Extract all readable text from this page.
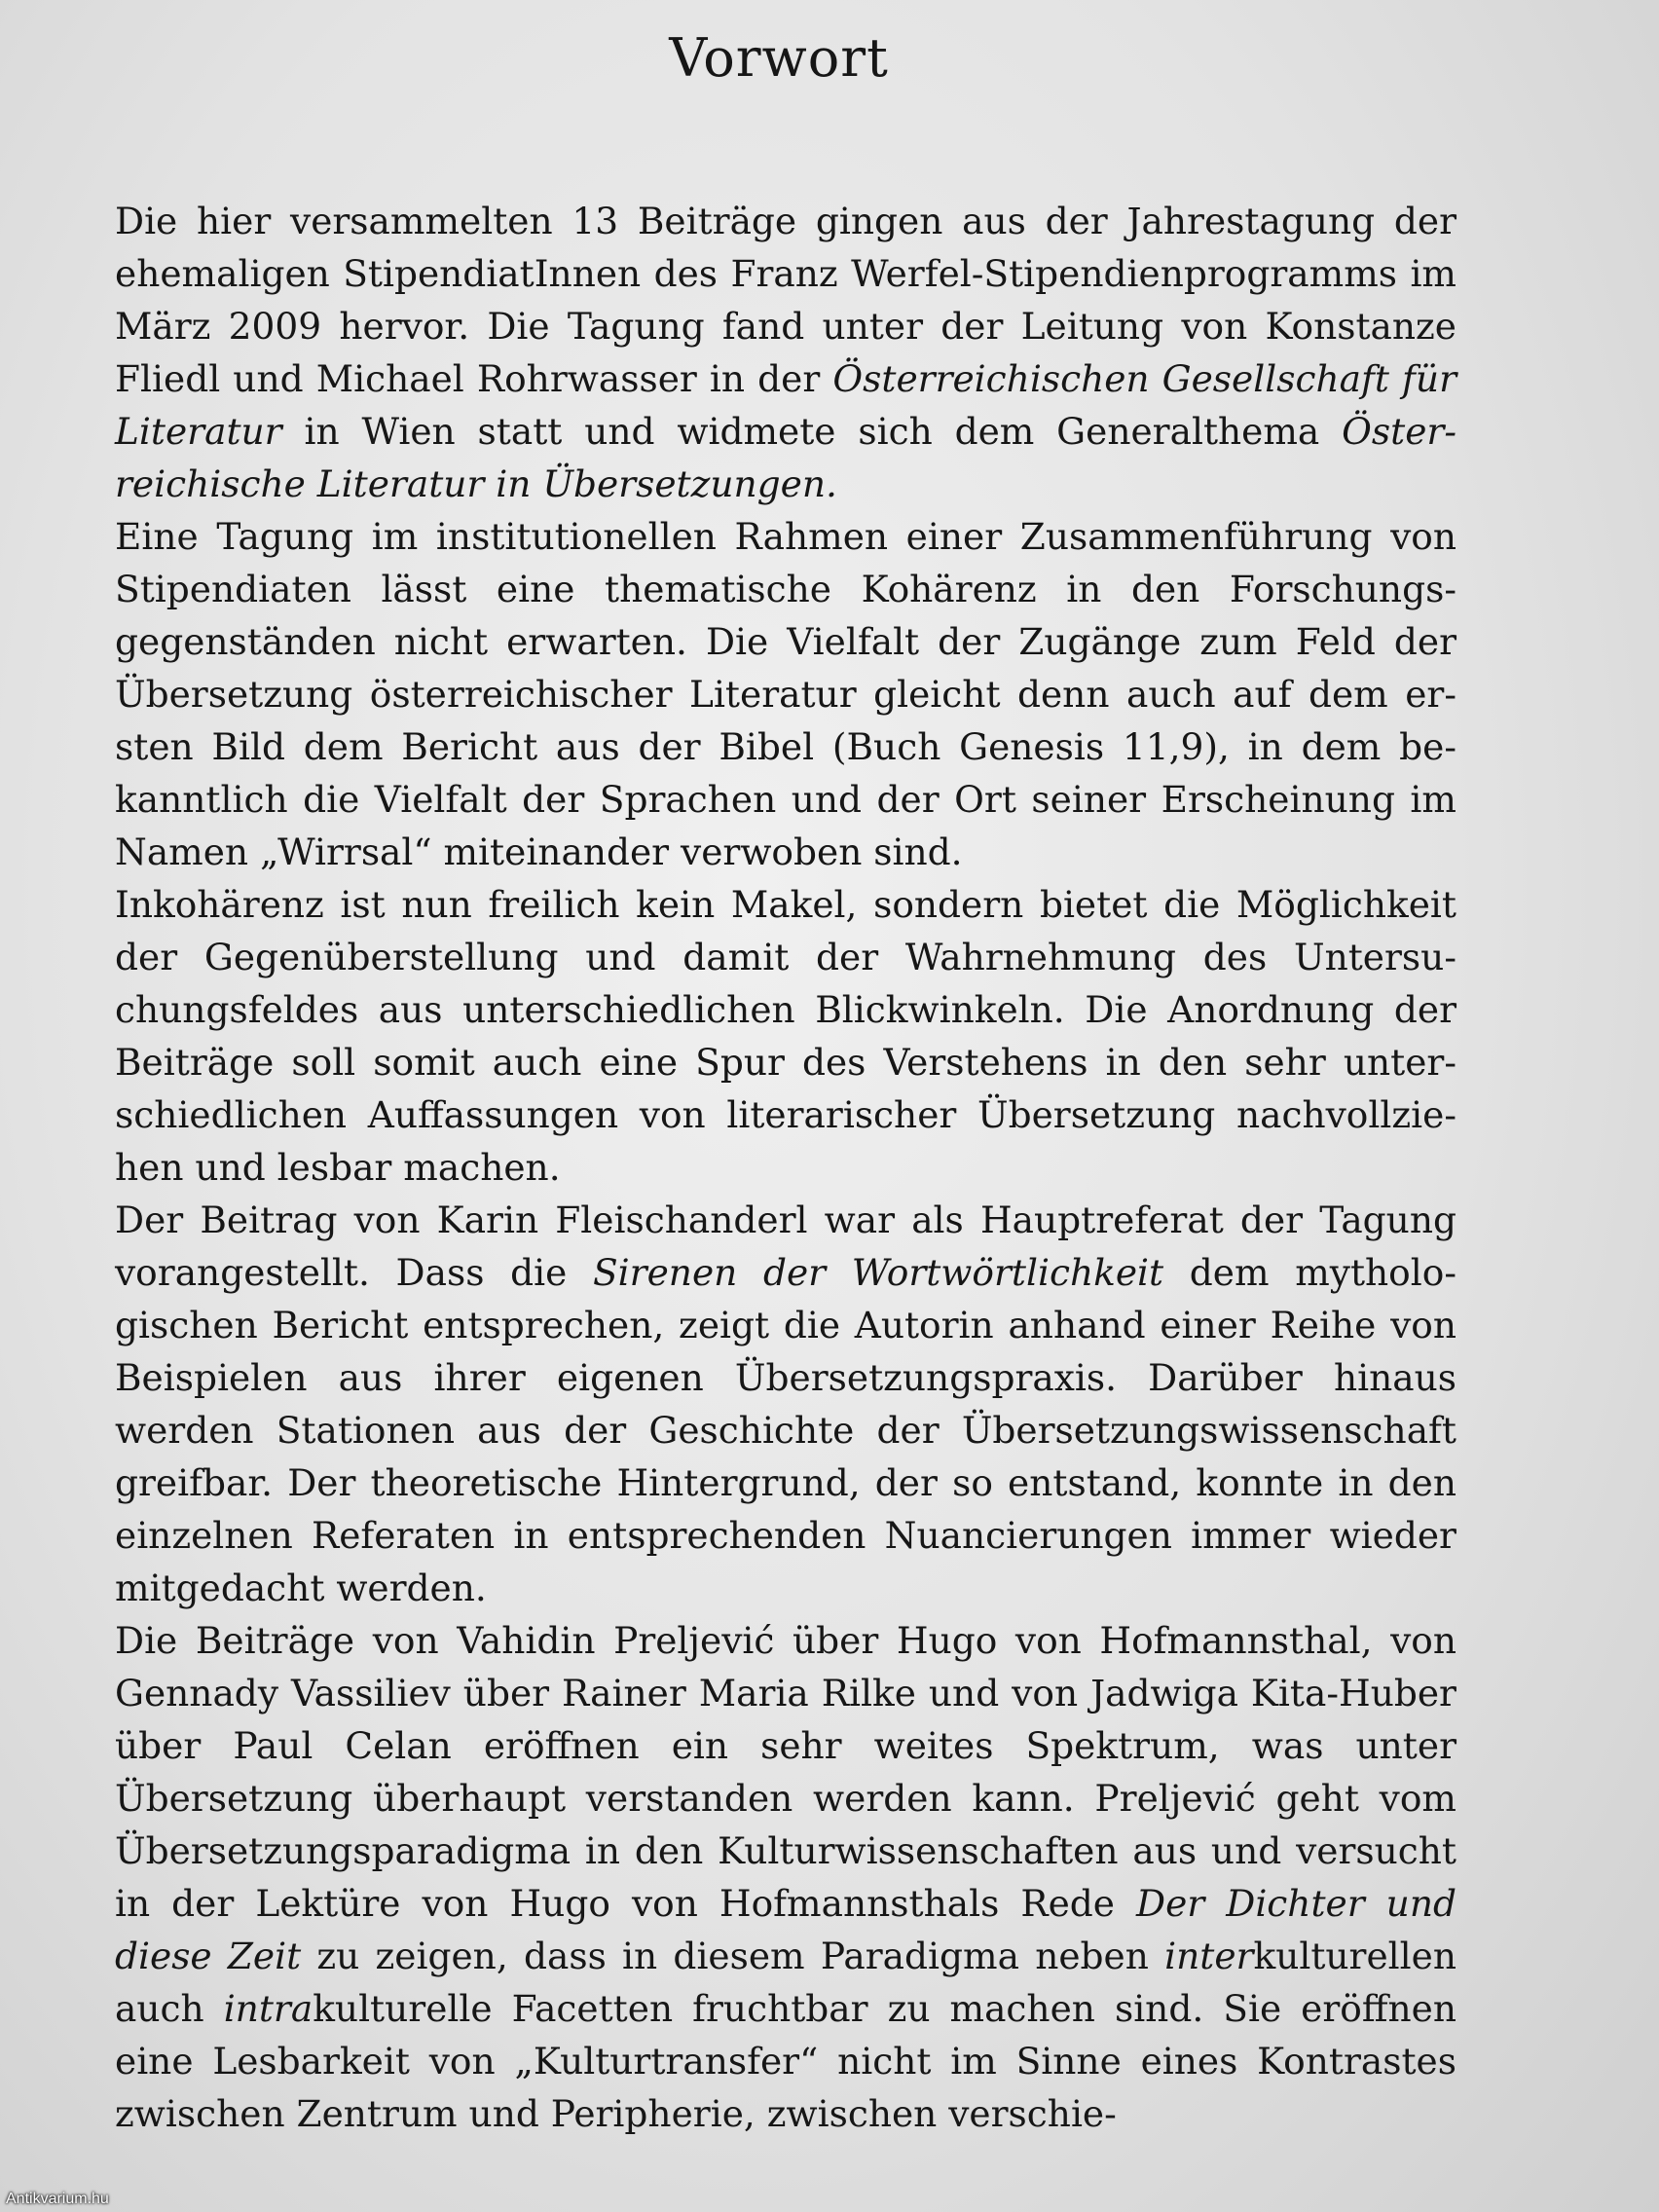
Vorwort

Die hier versammelten 13 Beiträge gingen aus der Jahrestagung der ehemaligen StipendiatInnen des Franz Werfel-Stipendienprogramms im März 2009 hervor. Die Tagung fand unter der Leitung von Konstanze Fliedl und Michael Rohrwasser in der Österreichischen Gesellschaft für Literatur in Wien statt und widmete sich dem Generalthema Österreichische Literatur in Übersetzungen.

Eine Tagung im institutionellen Rahmen einer Zusammenführung von Stipendiaten lässt eine thematische Kohärenz in den Forschungsgegenständen nicht erwarten. Die Vielfalt der Zugänge zum Feld der Übersetzung österreichischer Literatur gleicht denn auch auf dem ersten Bild dem Bericht aus der Bibel (Buch Genesis 11,9), in dem bekanntlich die Vielfalt der Sprachen und der Ort seiner Erscheinung im Namen „Wirrsal“ miteinander verwoben sind.

Inkohärenz ist nun freilich kein Makel, sondern bietet die Möglichkeit der Gegenüberstellung und damit der Wahrnehmung des Untersuchungsfeldes aus unterschiedlichen Blickwinkeln. Die Anordnung der Beiträge soll somit auch eine Spur des Verstehens in den sehr unterschiedlichen Auffassungen von literarischer Übersetzung nachvollziehen und lesbar machen.

Der Beitrag von Karin Fleischanderl war als Hauptreferat der Tagung vorangestellt. Dass die Sirenen der Wortwörtlichkeit dem mythologischen Bericht entsprechen, zeigt die Autorin anhand einer Reihe von Beispielen aus ihrer eigenen Übersetzungspraxis. Darüber hinaus werden Stationen aus der Geschichte der Übersetzungswissenschaft greifbar. Der theoretische Hintergrund, der so entstand, konnte in den einzelnen Referaten in entsprechenden Nuancierungen immer wieder mitgedacht werden.

Die Beiträge von Vahidin Preljević über Hugo von Hofmannsthal, von Gennady Vassiliev über Rainer Maria Rilke und von Jadwiga Kita-Huber über Paul Celan eröffnen ein sehr weites Spektrum, was unter Übersetzung überhaupt verstanden werden kann. Preljević geht vom Übersetzungsparadigma in den Kulturwissenschaften aus und versucht in der Lektüre von Hugo von Hofmannsthals Rede Der Dichter und diese Zeit zu zeigen, dass in diesem Paradigma neben interkulturellen auch intrakulturelle Facetten fruchtbar zu machen sind. Sie eröffnen eine Lesbarkeit von „Kulturtransfer“ nicht im Sinne eines Kontrastes zwischen Zentrum und Peripherie, zwischen verschie-

Antikvarium.hu
